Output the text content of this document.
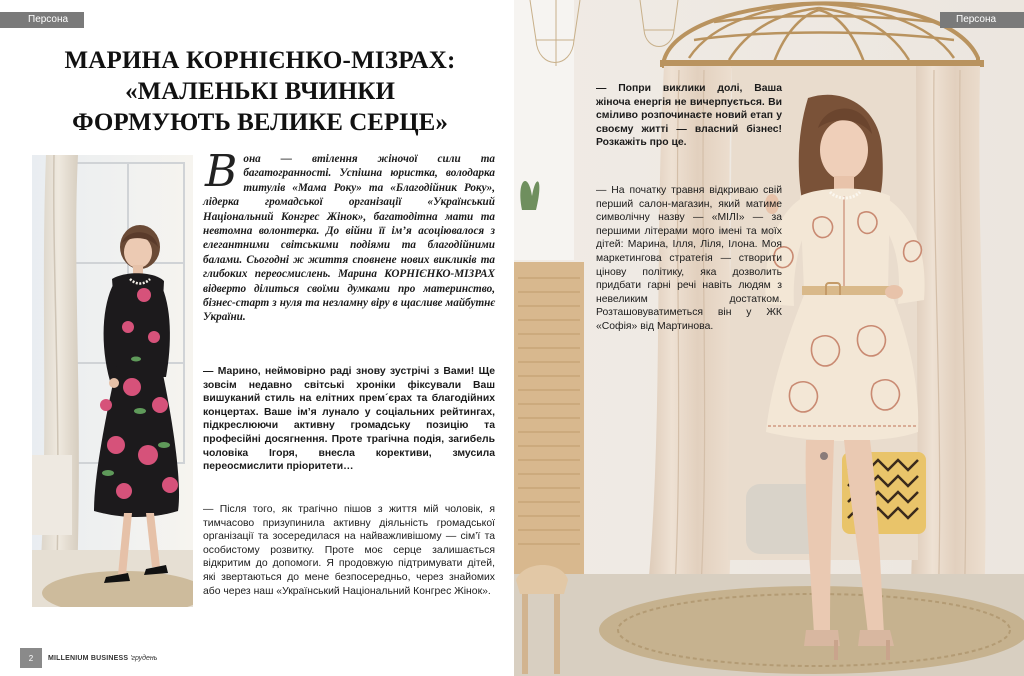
Персона
МАРИНА КОРНІЄНКО-МІЗРАХ:
«МАЛЕНЬКІ ВЧИНКИ
ФОРМУЮТЬ ВЕЛИКЕ СЕРЦЕ»

Вона — втілення жіночої сили та багатогранності. Успішна юристка, володарка титулів «Мама Року» та «Благодійник Року», лідерка громадської організації «Український Національний Конгрес Жінок», багатодітна мати та невтомна волонтерка. До війни її ім’я асоціювалося з елегантними світськими подіями та благодійними балами. Сьогодні ж життя сповнене нових викликів та глибоких переосмислень. Марина КОРНІЄНКО-МІЗРАХ відверто ділиться своїми думками про материнство, бізнес-старт з нуля та незламну віру в щасливе майбутнє України.

— Марино, неймовірно раді знову зустрічі з Вами! Ще зовсім недавно світські хроніки фіксували Ваш вишуканий стиль на елітних прем´єрах та благодійних концертах. Ваше ім’я лунало у соціальних рейтингах, підкреслюючи активну громадську позицію та професійні досягнення. Проте трагічна подія, загибель чоловіка Ігоря, внесла корективи, змусила переосмислити пріоритети…

— Після того, як трагічно пішов з життя мій чоловік, я тимчасово призупинила активну діяльність громадської організації та зосередилася на найважливішому — сім’ї та особистому розвитку. Проте моє серце залишається відкритим до допомоги. Я продовжую підтримувати дітей, які звертаються до мене безпосередньо, через знайомих або через наш «Український Національний Конгрес Жінок».

2	MILLENIUM BUSINESS 'грудень
Персона

— Попри виклики долі, Ваша жіноча енергія не вичерпується. Ви сміливо розпочинаєте новий етап у своєму житті — власний бізнес! Розкажіть про це.

— На початку травня відкриваю свій перший салон-магазин, який матиме символічну назву — «МІЛІ» — за першими літерами мого імені та моїх дітей: Марина, Ілля, Ліля, Ілона. Моя маркетингова стратегія — створити цінову політику, яка дозволить придбати гарні речі навіть людям з невеликим достатком. Розташовуватиметься він у ЖК «Софія» від Мартинова.
